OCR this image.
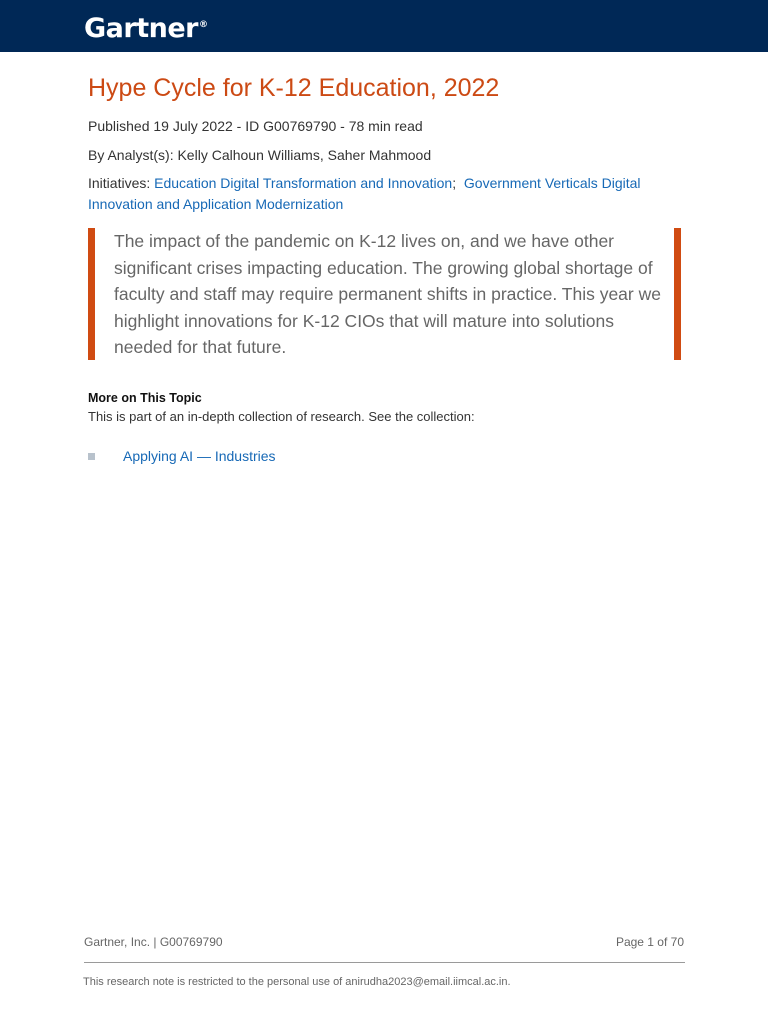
Gartner®
Hype Cycle for K-12 Education, 2022
Published 19 July 2022 - ID G00769790 - 78 min read
By Analyst(s): Kelly Calhoun Williams, Saher Mahmood
Initiatives: Education Digital Transformation and Innovation; Government Verticals Digital Innovation and Application Modernization

The impact of the pandemic on K-12 lives on, and we have other significant crises impacting education. The growing global shortage of faculty and staff may require permanent shifts in practice. This year we highlight innovations for K-12 CIOs that will mature into solutions needed for that future.

More on This Topic
This is part of an in-depth collection of research. See the collection:
Applying AI — Industries
Gartner, Inc. | G00769790	Page 1 of 70
This research note is restricted to the personal use of anirudha2023@email.iimcal.ac.in.
